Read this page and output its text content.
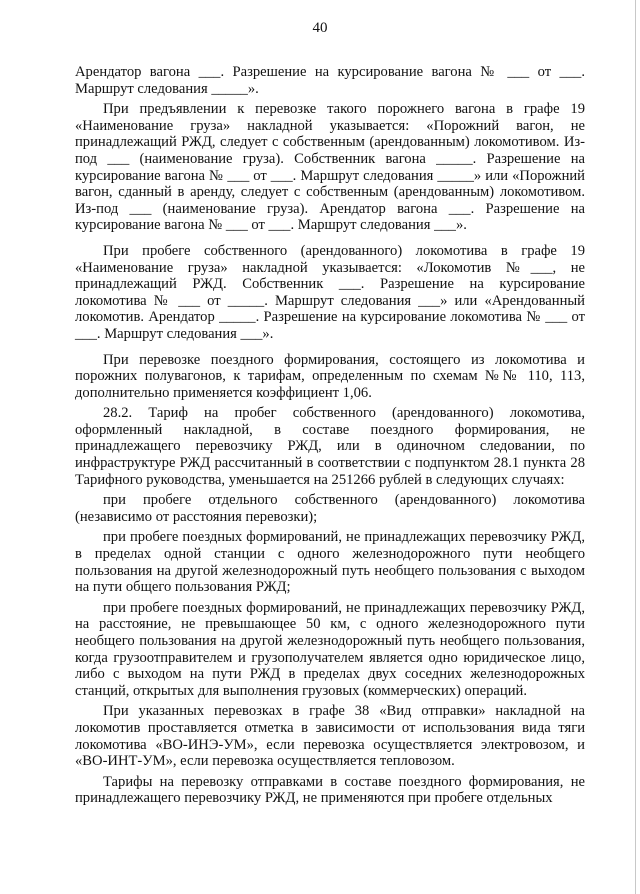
40

Арендатор вагона ___. Разрешение на курсирование вагона № ___ от ___. Маршрут следования _____».

При предъявлении к перевозке такого порожнего вагона в графе 19 «Наименование груза» накладной указывается: «Порожний вагон, не принадлежащий РЖД, следует с собственным (арендованным) локомотивом. Из-под ___ (наименование груза). Собственник вагона _____. Разрешение на курсирование вагона № ___ от ___. Маршрут следования _____» или «Порожний вагон, сданный в аренду, следует с собственным (арендованным) локомотивом. Из-под ___ (наименование груза). Арендатор вагона ___. Разрешение на курсирование вагона № ___ от ___. Маршрут следования ___».

При пробеге собственного (арендованного) локомотива в графе 19 «Наименование груза» накладной указывается: «Локомотив №___, не принадлежащий РЖД. Собственник ___. Разрешение на курсирование локомотива № ___ от _____. Маршрут следования ___» или «Арендованный локомотив. Арендатор _____. Разрешение на курсирование локомотива № ___ от ___. Маршрут следования ___».

При перевозке поездного формирования, состоящего из локомотива и порожних полувагонов, к тарифам, определенным по схемам №№ 110, 113, дополнительно применяется коэффициент 1,06.

28.2. Тариф на пробег собственного (арендованного) локомотива, оформленный накладной, в составе поездного формирования, не принадлежащего перевозчику РЖД, или в одиночном следовании, по инфраструктуре РЖД рассчитанный в соответствии с подпунктом 28.1 пункта 28 Тарифного руководства, уменьшается на 251266 рублей в следующих случаях:

при пробеге отдельного собственного (арендованного) локомотива (независимо от расстояния перевозки);

при пробеге поездных формирований, не принадлежащих перевозчику РЖД, в пределах одной станции с одного железнодорожного пути необщего пользования на другой железнодорожный путь необщего пользования с выходом на пути общего пользования РЖД;

при пробеге поездных формирований, не принадлежащих перевозчику РЖД, на расстояние, не превышающее 50 км, с одного железнодорожного пути необщего пользования на другой железнодорожный путь необщего пользования, когда грузоотправителем и грузополучателем является одно юридическое лицо, либо с выходом на пути РЖД в пределах двух соседних железнодорожных станций, открытых для выполнения грузовых (коммерческих) операций.

При указанных перевозках в графе 38 «Вид отправки» накладной на локомотив проставляется отметка в зависимости от использования вида тяги локомотива «ВО-ИНЭ-УМ», если перевозка осуществляется электровозом, и «ВО-ИНТ-УМ», если перевозка осуществляется тепловозом.

Тарифы на перевозку отправками в составе поездного формирования, не принадлежащего перевозчику РЖД, не применяются при пробеге отдельных
